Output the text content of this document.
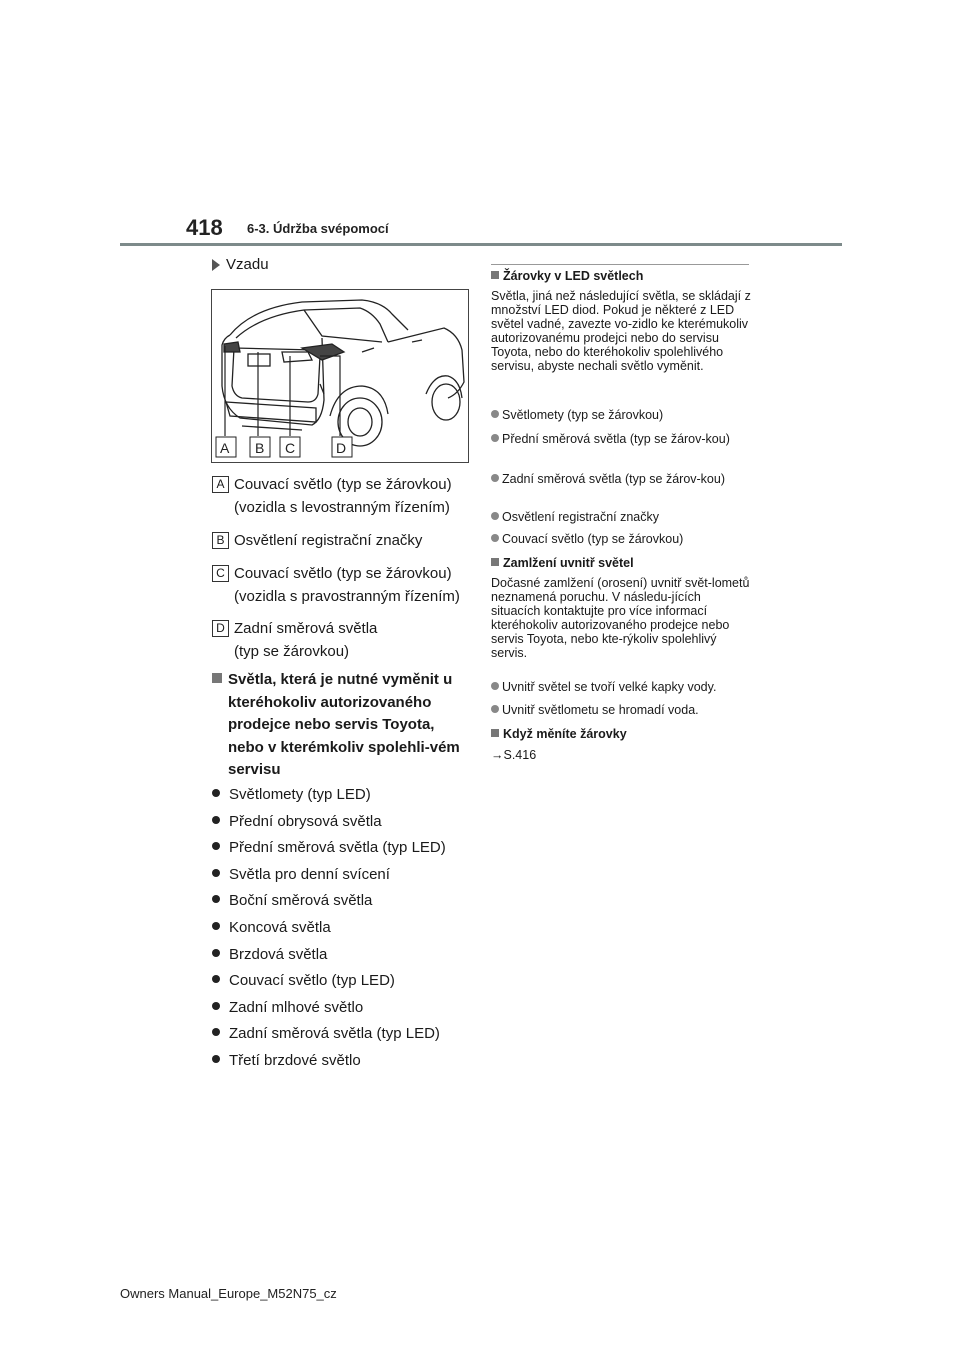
418 6-3. Údržba svépomocí
Vzadu
A B C	D
A Couvací světlo (typ se žárovkou)
(vozidla s levostranným řízením)
B Osvětlení registrační značky
C Couvací světlo (typ se žárovkou)
(vozidla s pravostranným řízením)
D Zadní směrová světla
(typ se žárovkou)
Světla, která je nutné vyměnit u kteréhokoliv autorizovaného prodejce nebo servis Toyota, nebo v kterémkoliv spolehli-vém servisu
Světlomety (typ LED)
Přední obrysová světla
Přední směrová světla (typ LED)
Světla pro denní svícení
Boční směrová světla
Koncová světla
Brzdová světla
Couvací světlo (typ LED)
Zadní mlhové světlo
Zadní směrová světla (typ LED)
Třetí brzdové světlo
Žárovky v LED světlech
Světla, jiná než následující světla, se skládají z množství LED diod. Pokud je některé z LED světel vadné, zavezte vo-zidlo ke kterémukoliv autorizovanému prodejci nebo do servisu Toyota, nebo do kteréhokoliv spolehlivého servisu, abyste nechali světlo vyměnit.
Světlomety (typ se žárovkou)
Přední směrová světla (typ se žárov-kou)
Zadní směrová světla (typ se žárov-kou)
Osvětlení registrační značky
Couvací světlo (typ se žárovkou)
Zamlžení uvnitř světel
Dočasné zamlžení (orosení) uvnitř svět-lometů neznamená poruchu. V následu-jících situacích kontaktujte pro více informací kteréhokoliv autorizovaného prodejce nebo servis Toyota, nebo kte-rýkoliv spolehlivý servis.
Uvnitř světel se tvoří velké kapky vody.
Uvnitř světlometu se hromadí voda.
Když měníte žárovky
→S.416
Owners Manual_Europe_M52N75_cz
